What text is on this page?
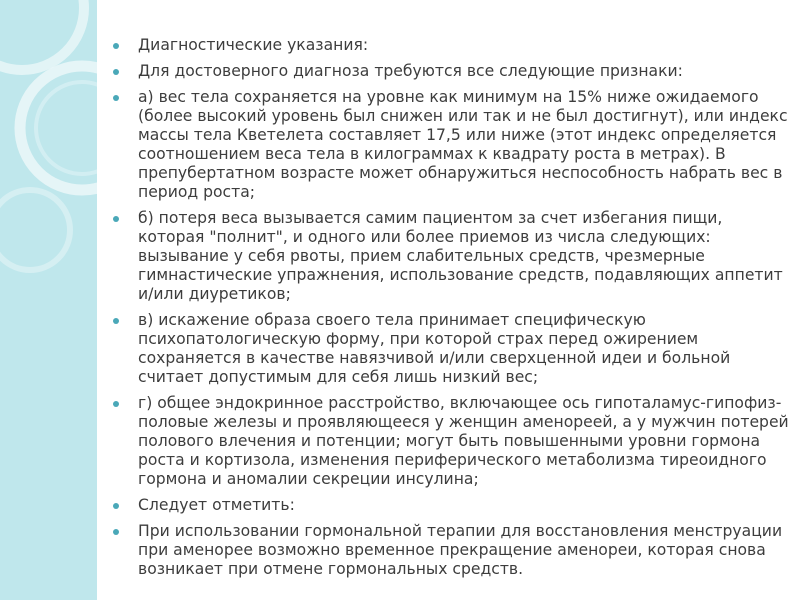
Диагностические указания:
Для достоверного диагноза требуются все следующие признаки:
а) вес тела сохраняется на уровне как минимум на 15% ниже ожидаемого (более высокий уровень был снижен или так и не был достигнут), или индекс массы тела Кветелета составляет 17,5 или ниже (этот индекс определяется соотношением веса тела в килограммах к квадрату роста в метрах). В препубертатном возрасте может обнаружиться неспособность набрать вес в период роста;
б) потеря веса вызывается самим пациентом за счет избегания пищи, которая "полнит", и одного или более приемов из числа следующих: вызывание у себя рвоты, прием слабительных средств, чрезмерные гимнастические упражнения, использование средств, подавляющих аппетит и/или диуретиков;
в) искажение образа своего тела принимает специфическую психопатологическую форму, при которой страх перед ожирением сохраняется в качестве навязчивой и/или сверхценной идеи и больной считает допустимым для себя лишь низкий вес;
г) общее эндокринное расстройство, включающее ось гипоталамус-гипофиз-половые железы и проявляющееся у женщин аменореей, а у мужчин потерей полового влечения и потенции; могут быть повышенными уровни гормона роста и кортизола, изменения периферического метаболизма тиреоидного гормона и аномалии секреции инсулина;
Следует отметить:
При использовании гормональной терапии для восстановления менструации при аменорее возможно временное прекращение аменореи, которая снова возникает при отмене гормональных средств.
